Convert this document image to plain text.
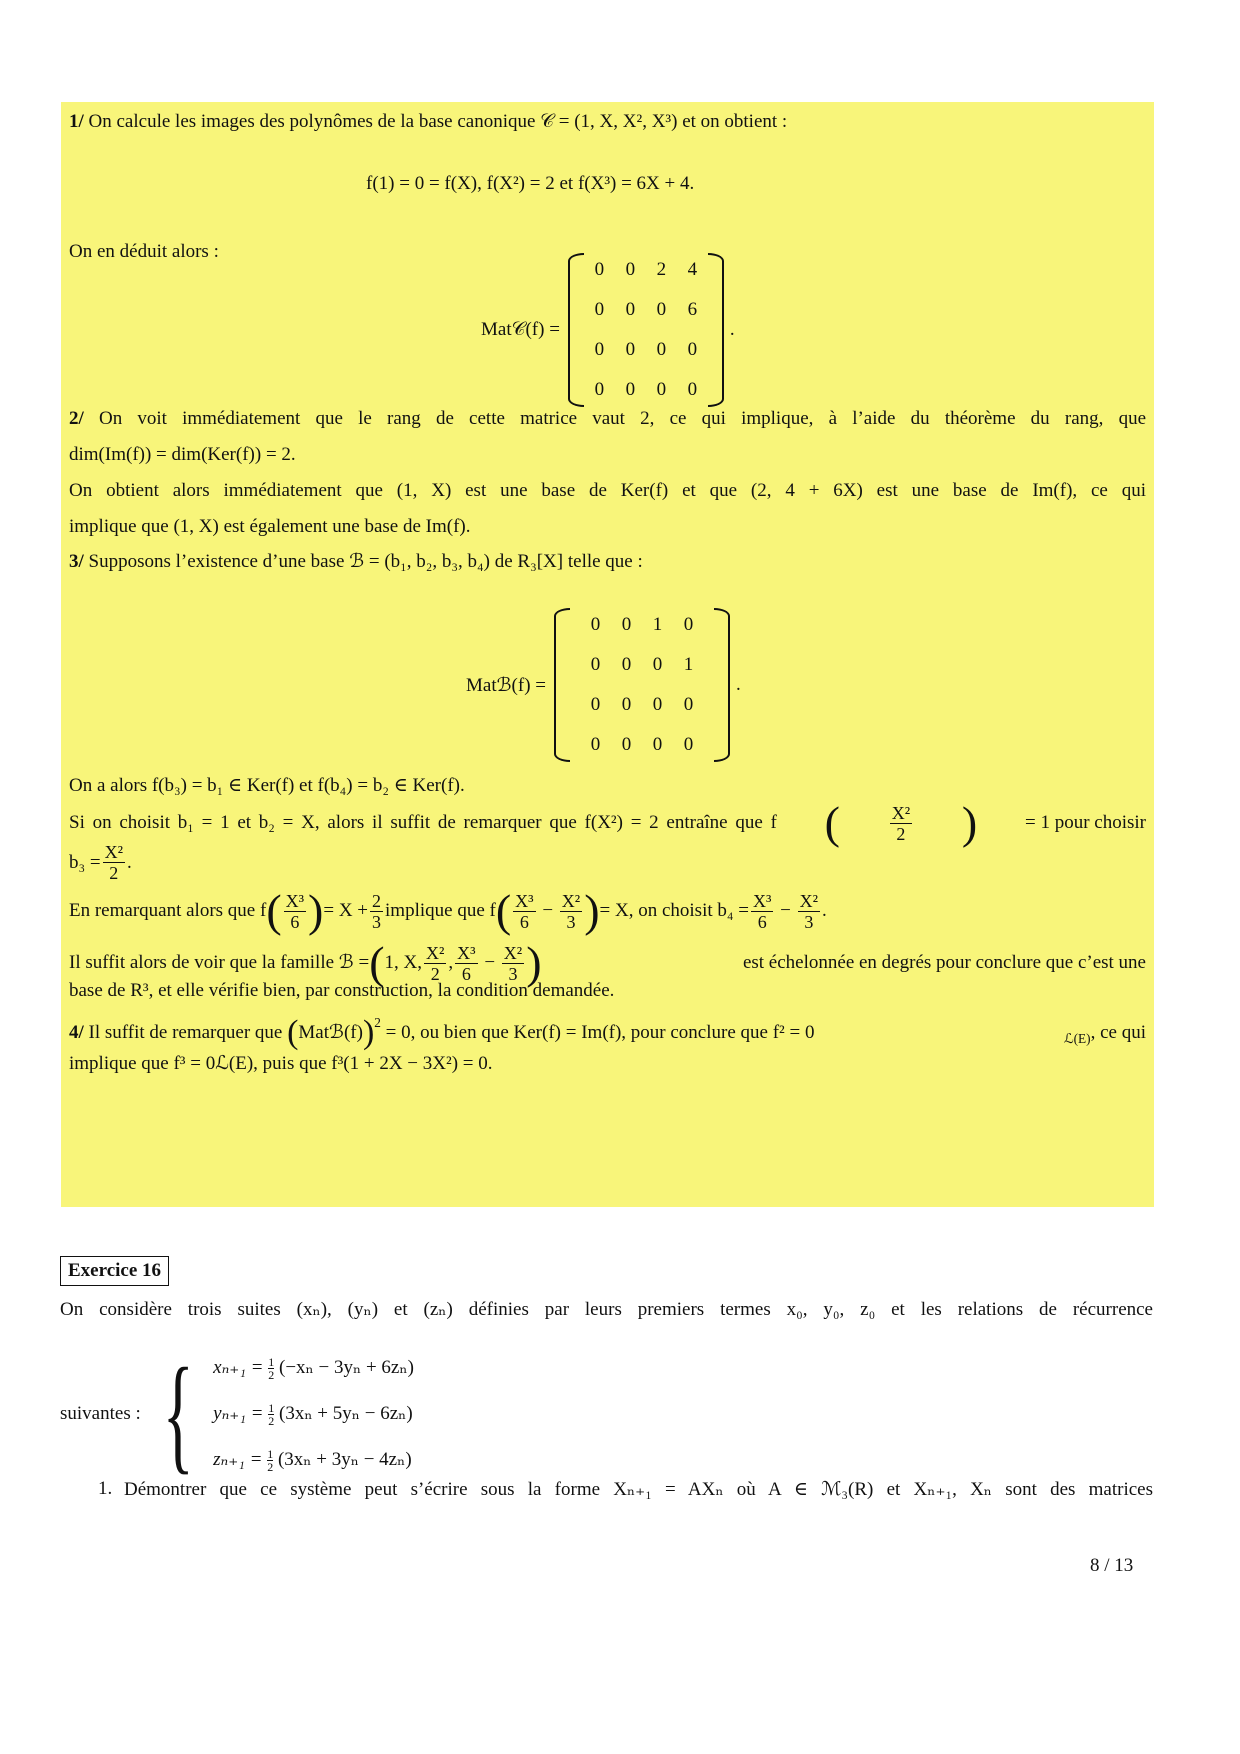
1/ On calcule les images des polynômes de la base canonique 𝒞 = (1, X, X², X³) et on obtient :
f(1) = 0 = f(X), f(X²) = 2 et f(X³) = 6X + 4.
On en déduit alors :
Mat𝒞(f) =
0	0	2	4
0	0	0	6
0	0	0	0
0	0	0	0
.
2/ On voit immédiatement que le rang de cette matrice vaut 2, ce qui implique, à l’aide du théorème du rang, que
dim(Im(f)) = dim(Ker(f)) = 2.
On obtient alors immédiatement que (1, X) est une base de Ker(f) et que (2, 4 + 6X) est une base de Im(f), ce qui
implique que (1, X) est également une base de Im(f).
3/ Supposons l’existence d’une base ℬ = (b₁, b₂, b₃, b₄) de R₃[X] telle que :
Matℬ(f) =
0	0	1	0
0	0	0	1
0	0	0	0
0	0	0	0
.
On a alors f(b₃) = b₁ ∈ Ker(f) et f(b₄) = b₂ ∈ Ker(f).
Si on choisit b₁ = 1 et b₂ = X, alors il suffit de remarquer que f(X²) = 2 entraîne que f (	$\frac{\text{X²}}{2}$ )	= 1 pour choisir
$b_3 = \frac{\text{X²}}{2}$ .
En remarquant alors que f ( $\frac{\text{X³}}{6}$ ) = $X + \frac{2}{3}$ implique que f ( $\frac{\text{X³}}{6} - \frac{\text{X²}}{3}$ ) = X, on choisit $b_4 = \frac{\text{X³}}{6} - \frac{\text{X²}}{3}$ .
Il suffit alors de voir que la famille ℬ = ( 1, X, $\frac{\text{X²}}{2}$ , $\frac{\text{X³}}{6} - \frac{\text{X²}}{3}$ )	est échelonnée en degrés pour conclure que c’est une
base de R³, et elle vérifie bien, par construction, la condition demandée.
4/
Il suffit de remarquer que
( Matℬ(f) )$^2$
= 0, ou bien que Ker(f) = Im(f), pour conclure que f² = 0	$_{ℒ(E)}$ , ce qui
implique que f³ = 0ℒ(E), puis que f³(1 + 2X − 3X²) = 0.
Exercice 16
On considère trois suites (xₙ), (yₙ) et (zₙ) définies par leurs premiers termes x₀, y₀, z₀ et les relations de récurrence
suivantes : { $x_{n+1} = \frac{1}{2} (-x_n - 3y_n + 6z_n)$
$y_{n+1} = \frac{1}{2} (3x_n + 5y_n - 6z_n)$
$z_{n+1} = \frac{1}{2} (3x_n + 3y_n - 4z_n)$
1. Démontrer que ce système peut s’écrire sous la forme Xₙ₊₁ = AXₙ où A ∈ ℳ₃(R) et Xₙ₊₁, Xₙ sont des matrices
8 / 13
